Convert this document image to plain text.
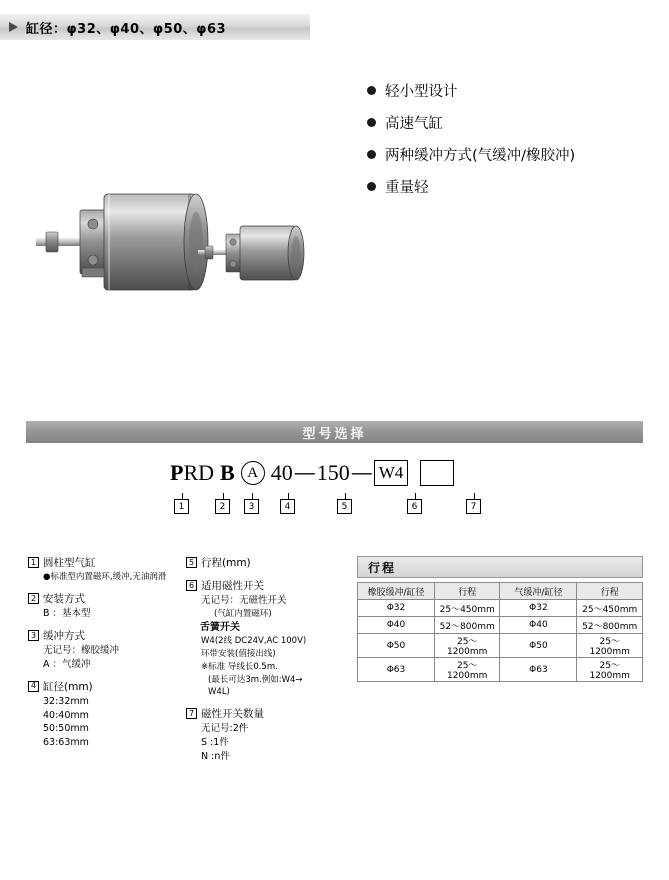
缸径：φ32、φ40、φ50、φ63
轻小型设计
高速气缸
两种缓冲方式(气缓冲/橡胶冲)
重量轻
型号选择
P RD B A 40 — 150 — W4
1	2	3	4	5	6	7
1 圆柱型气缸
●标准型内置磁环,缓冲,无油润滑
2 安装方式
B ：基本型
3 缓冲方式
无记号：橡胶缓冲
A ：气缓冲
4 缸径(mm)
32:32mm
40:40mm
50:50mm
63:63mm
5 行程(mm)
6 适用磁性开关
无记号：无磁性开关
(气缸内置磁环)
舌簧开关
W4(2线 DC24V,AC 100V)
环带安装(值接出线)
※标准 导线长0.5m.
(最长可达3m.例如:W4→
W4L)
7 磁性开关数量
无记号:2件
S :1件
N :n件
行程
橡胶缓冲/缸径	行程	气缓冲/缸径	行程
Φ32	25～450mm	Φ32	25～450mm
Φ40	52～800mm	Φ40	52～800mm
Φ50	25～1200mm	Φ50	25～1200mm
Φ63	25～1200mm	Φ63	25～1200mm
